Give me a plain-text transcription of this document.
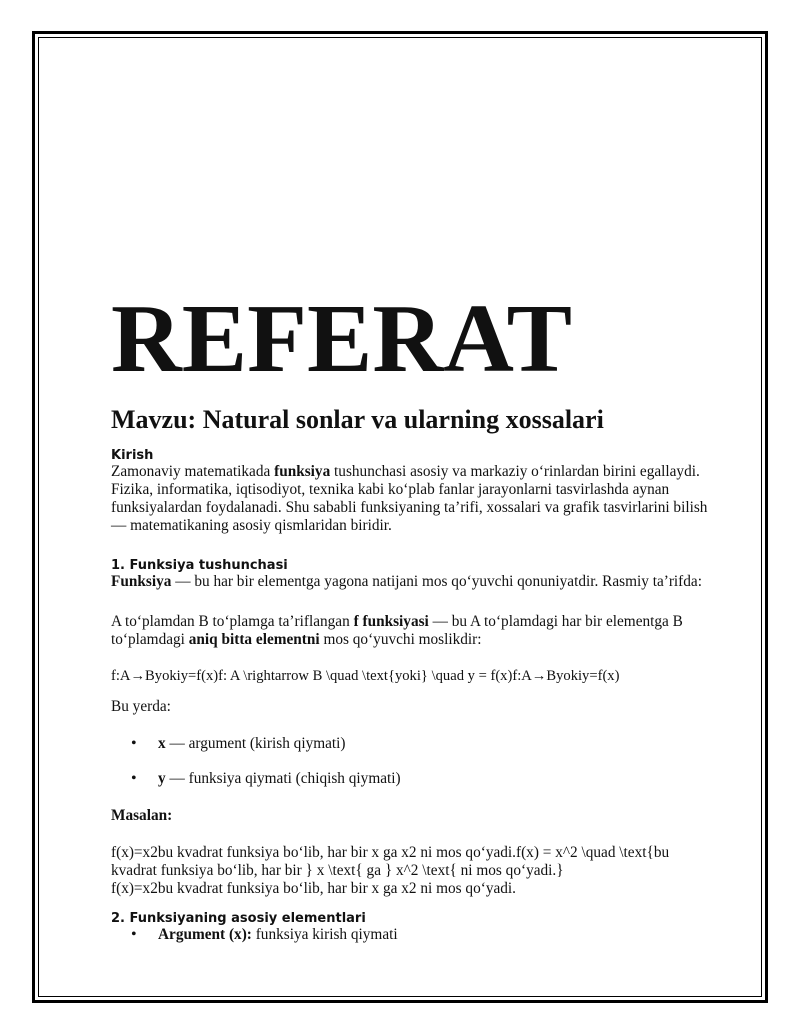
REFERAT
Mavzu: Natural sonlar va ularning xossalari

Kirish

Zamonaviy matematikada funksiya tushunchasi asosiy va markaziy o‘rinlardan birini egallaydi. Fizika, informatika, iqtisodiyot, texnika kabi ko‘plab fanlar jarayonlarni tasvirlashda aynan funksiyalardan foydalanadi. Shu sababli funksiyaning ta’rifi, xossalari va grafik tasvirlarini bilish — matematikaning asosiy qismlaridan biridir.

1. Funksiya tushunchasi

Funksiya — bu har bir elementga yagona natijani mos qo‘yuvchi qonuniyatdir. Rasmiy ta’rifda:

A to‘plamdan B to‘plamga ta’riflangan f funksiyasi — bu A to‘plamdagi har bir elementga B to‘plamdagi aniq bitta elementni mos qo‘yuvchi moslikdir:

f:A→Byokiy=f(x)f: A \rightarrow B \quad \text{yoki} \quad y = f(x)f:A→Byokiy=f(x)

Bu yerda:

• x — argument (kirish qiymati)
• y — funksiya qiymati (chiqish qiymati)

Masalan:

f(x)=x2bu kvadrat funksiya bo‘lib, har bir x ga x2 ni mos qo‘yadi.f(x) = x^2 \quad \text{bu kvadrat funksiya bo‘lib, har bir } x \text{ ga } x^2 \text{ ni mos qo‘yadi.}

f(x)=x2bu kvadrat funksiya bo‘lib, har bir x ga x2 ni mos qo‘yadi.

2. Funksiyaning asosiy elementlari

• Argument (x): funksiya kirish qiymati
